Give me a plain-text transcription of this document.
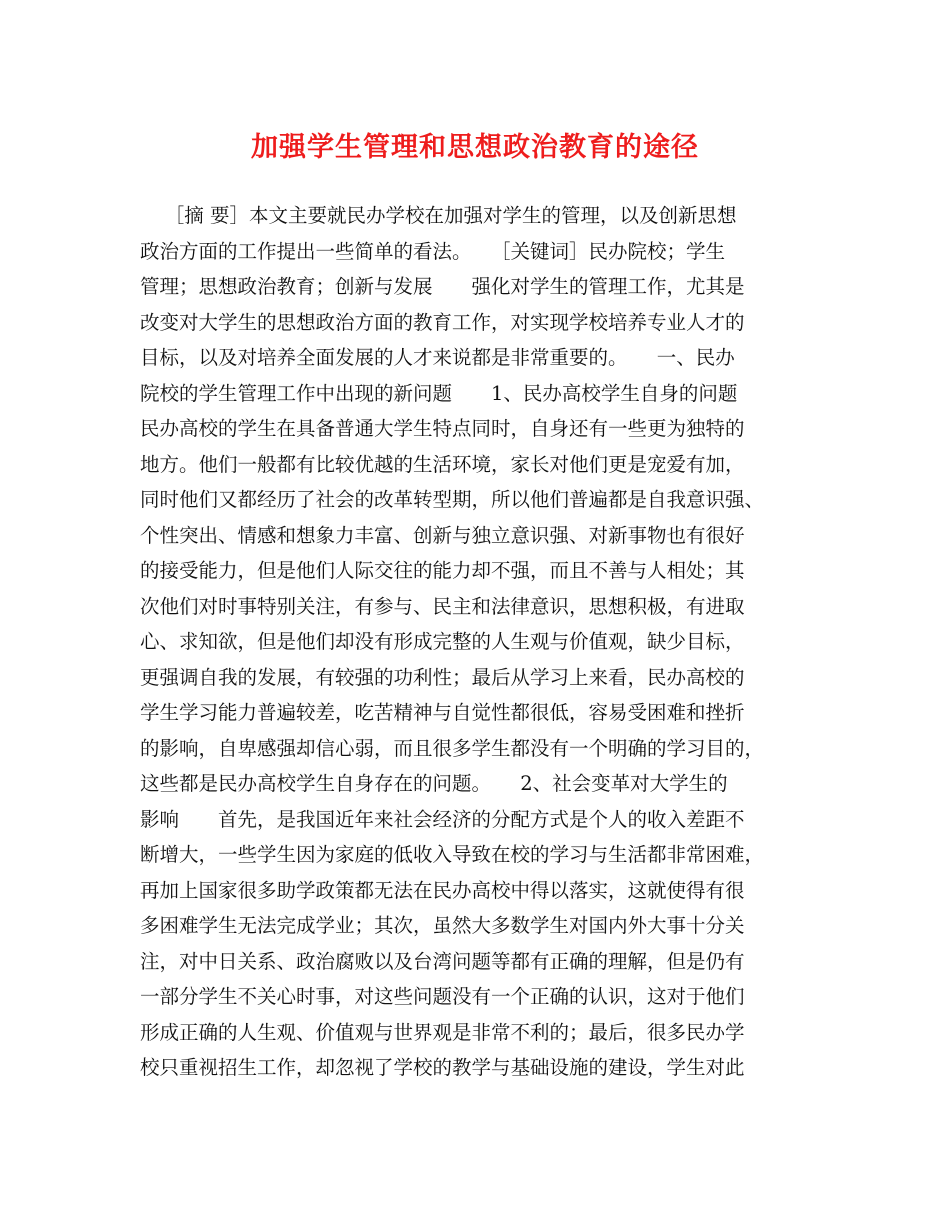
加强学生管理和思想政治教育的途径
［摘 要］本文主要就民办学校在加强对学生的管理，以及创新思想
政治方面的工作提出一些简单的看法。　　［关键词］民办院校；学生
管理；思想政治教育；创新与发展　　强化对学生的管理工作，尤其是
改变对大学生的思想政治方面的教育工作，对实现学校培养专业人才的
目标，以及对培养全面发展的人才来说都是非常重要的。　　一、民办
院校的学生管理工作中出现的新问题　　1、民办高校学生自身的问题
民办高校的学生在具备普通大学生特点同时，自身还有一些更为独特的
地方。他们一般都有比较优越的生活环境，家长对他们更是宠爱有加，
同时他们又都经历了社会的改革转型期，所以他们普遍都是自我意识强、
个性突出、情感和想象力丰富、创新与独立意识强、对新事物也有很好
的接受能力，但是他们人际交往的能力却不强，而且不善与人相处；其
次他们对时事特别关注，有参与、民主和法律意识，思想积极，有进取
心、求知欲，但是他们却没有形成完整的人生观与价值观，缺少目标，
更强调自我的发展，有较强的功利性；最后从学习上来看，民办高校的
学生学习能力普遍较差，吃苦精神与自觉性都很低，容易受困难和挫折
的影响，自卑感强却信心弱，而且很多学生都没有一个明确的学习目的，
这些都是民办高校学生自身存在的问题。　　2、社会变革对大学生的
影响　　首先，是我国近年来社会经济的分配方式是个人的收入差距不
断增大，一些学生因为家庭的低收入导致在校的学习与生活都非常困难，
再加上国家很多助学政策都无法在民办高校中得以落实，这就使得有很
多困难学生无法完成学业；其次，虽然大多数学生对国内外大事十分关
注，对中日关系、政治腐败以及台湾问题等都有正确的理解，但是仍有
一部分学生不关心时事，对这些问题没有一个正确的认识，这对于他们
形成正确的人生观、价值观与世界观是非常不利的；最后，很多民办学
校只重视招生工作，却忽视了学校的教学与基础设施的建设，学生对此
